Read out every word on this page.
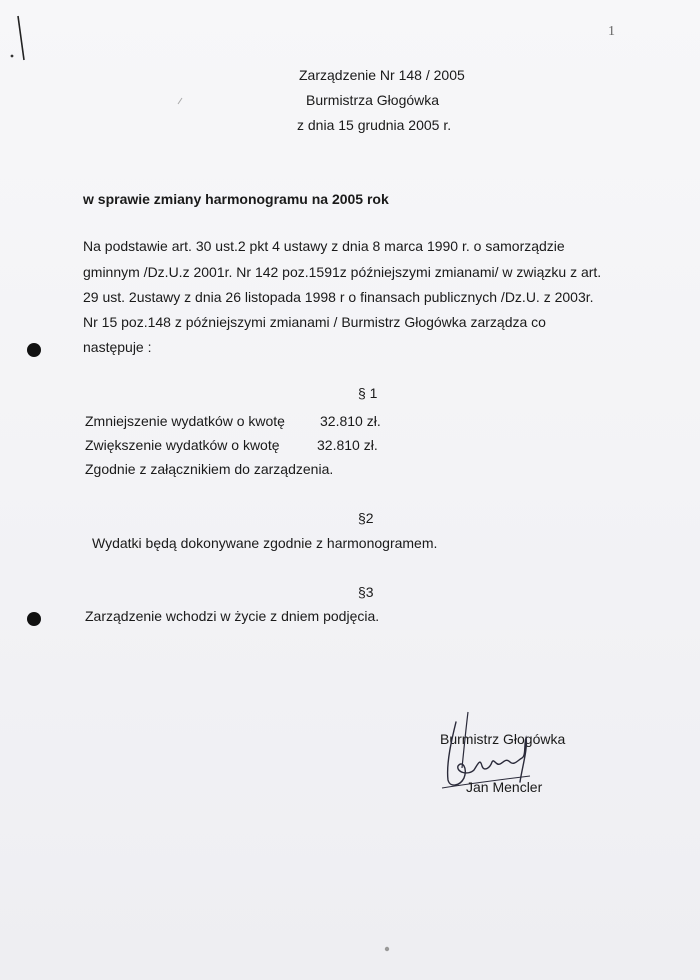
1
Zarządzenie Nr 148 / 2005
Burmistrza Głogówka
z dnia 15 grudnia 2005 r.
w sprawie zmiany harmonogramu na 2005 rok
Na podstawie art. 30 ust.2 pkt 4 ustawy z dnia 8 marca 1990 r. o samorządzie
gminnym /Dz.U.z 2001r. Nr 142 poz.1591z późniejszymi zmianami/ w związku z art.
29 ust. 2ustawy z dnia 26 listopada 1998 r o finansach publicznych /Dz.U. z 2003r.
Nr 15 poz.148 z późniejszymi zmianami / Burmistrz Głogówka zarządza co
następuje :
§ 1
Zmniejszenie wydatków o kwotę	32.810 zł.
Zwiększenie wydatków o kwotę	32.810 zł.
Zgodnie z załącznikiem do zarządzenia.
§2
Wydatki będą dokonywane zgodnie z harmonogramem.
§3
Zarządzenie wchodzi w życie z dniem podjęcia.
Burmistrz Głogówka
Jan Mencler
